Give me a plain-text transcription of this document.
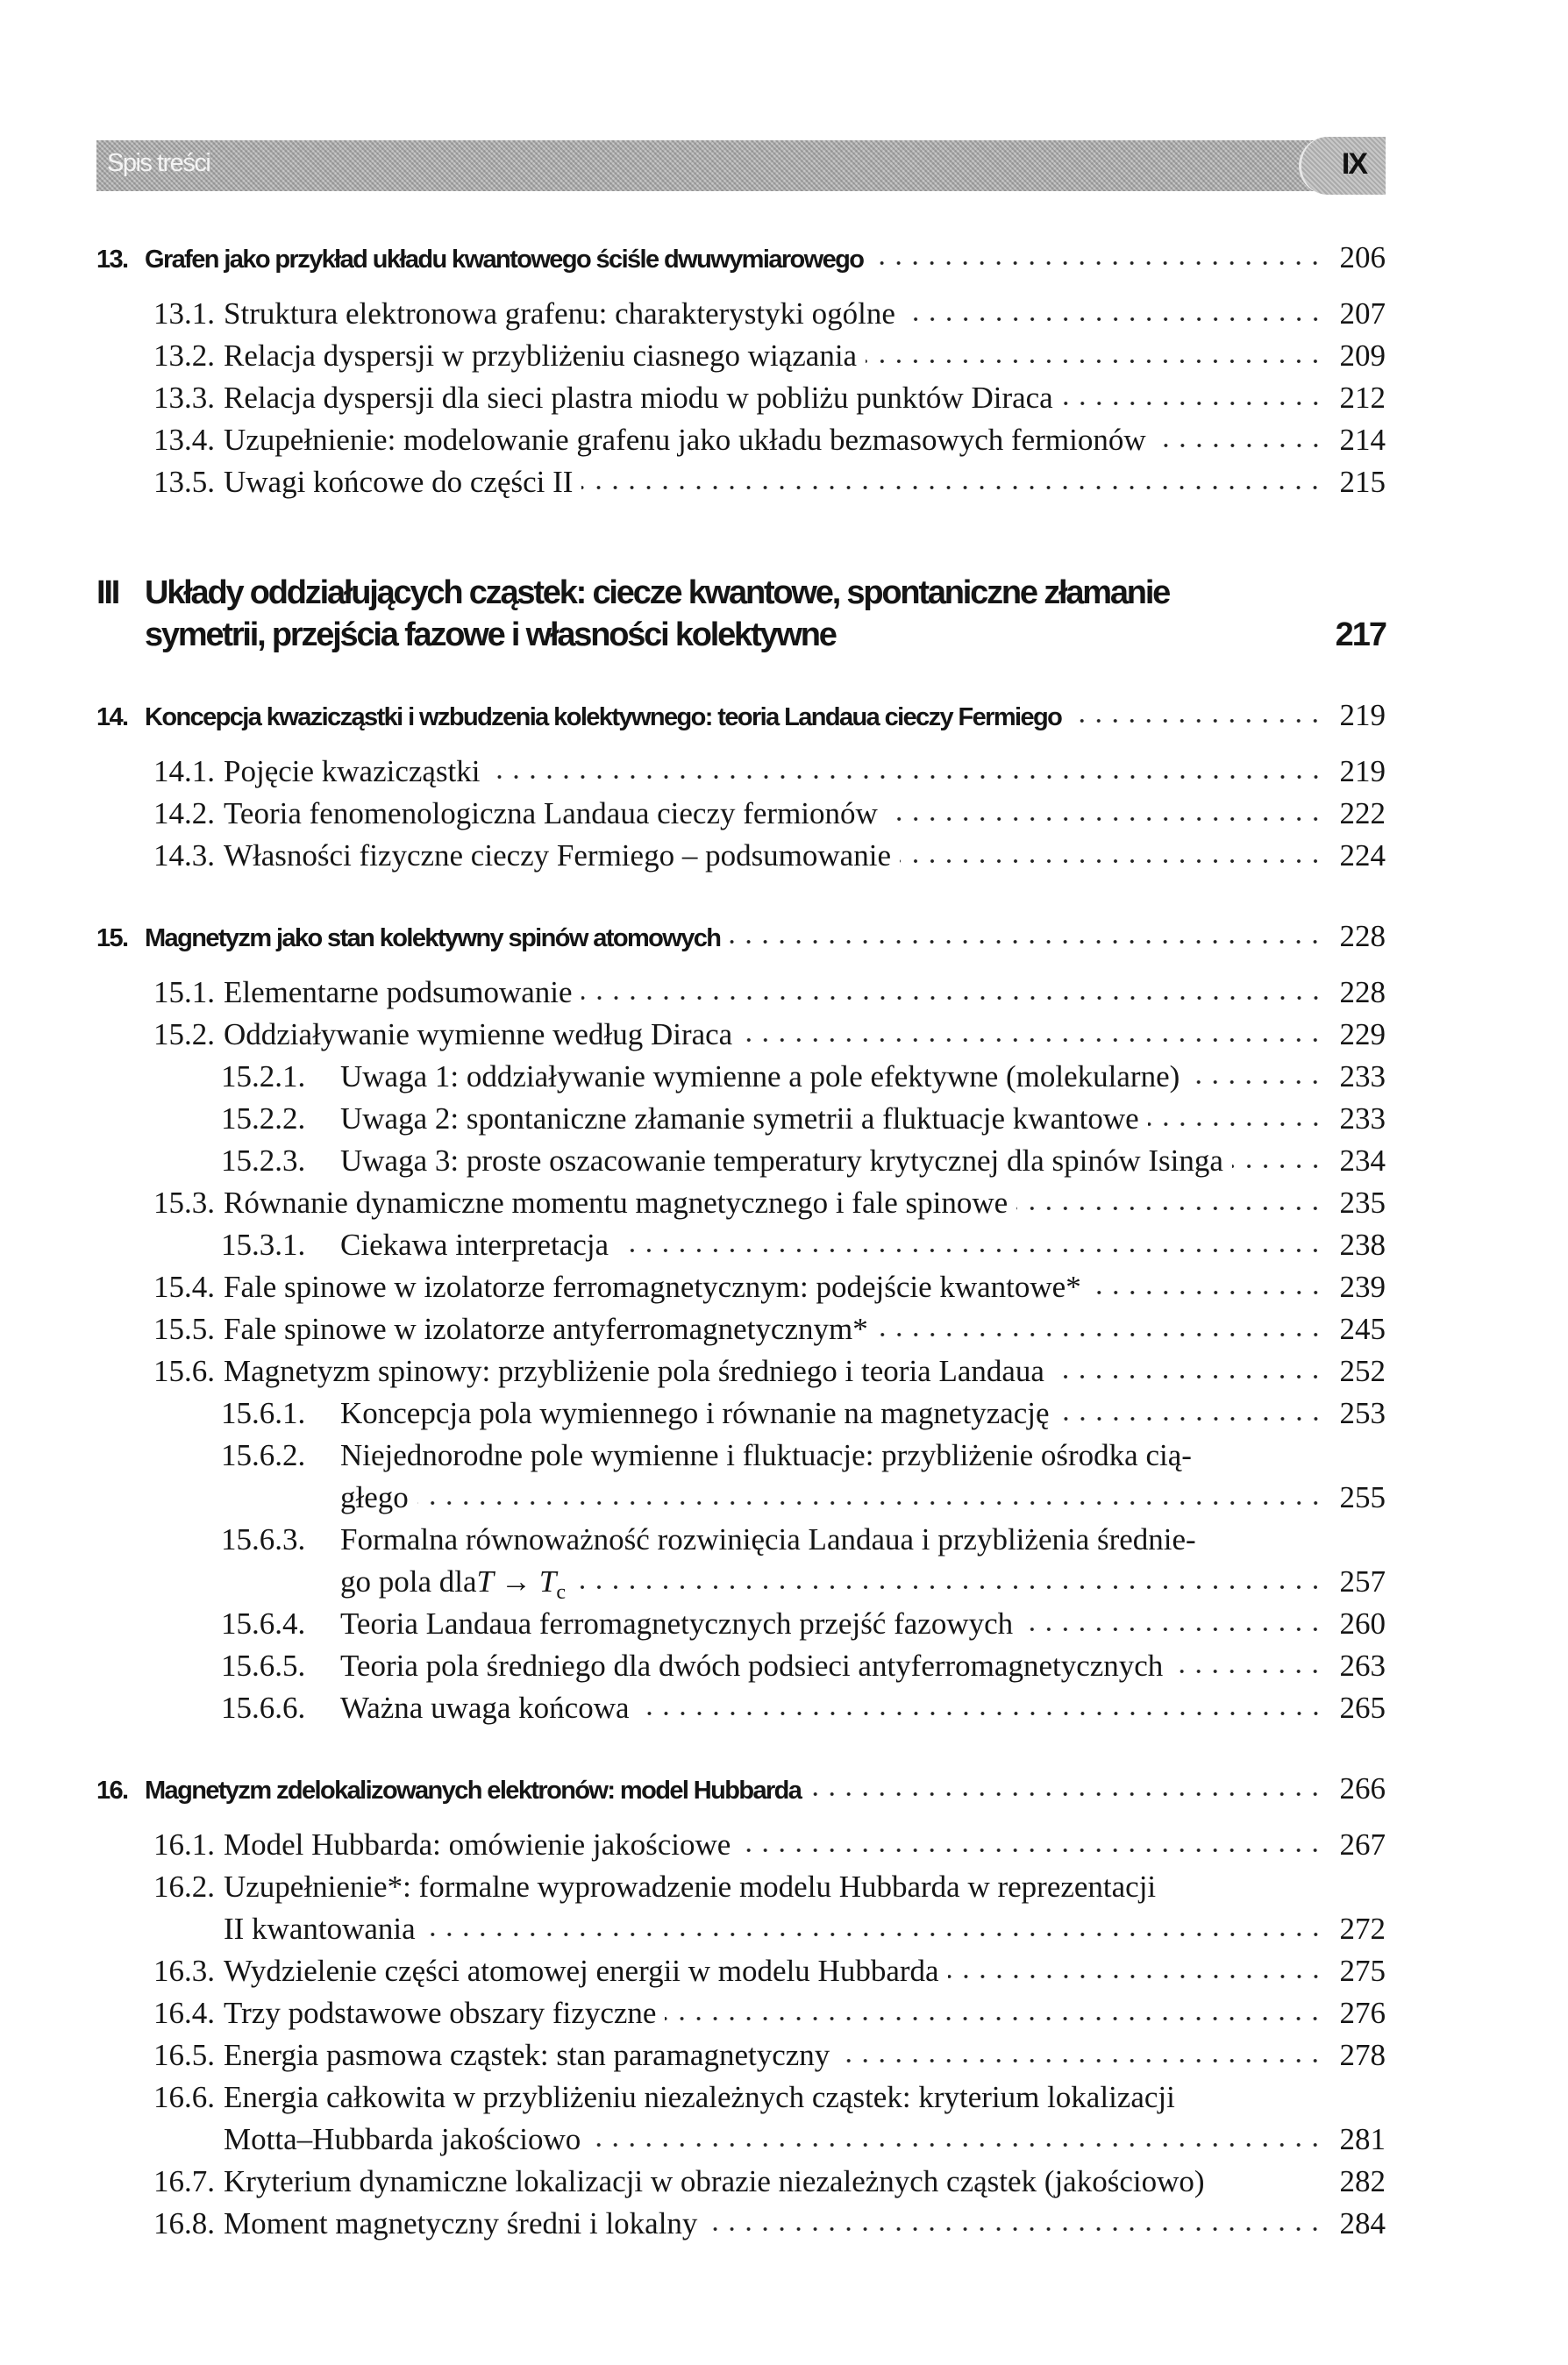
Spis treści	IX
13. Grafen jako przykład układu kwantowego ściśle dwuwymiarowego	206
13.1. Struktura elektronowa grafenu: charakterystyki ogólne	207
13.2. Relacja dyspersji w przybliżeniu ciasnego wiązania	209
13.3. Relacja dyspersji dla sieci plastra miodu w pobliżu punktów Diraca	212
13.4. Uzupełnienie: modelowanie grafenu jako układu bezmasowych fermionów	214
13.5. Uwagi końcowe do części II	215
III Układy oddziałujących cząstek: ciecze kwantowe, spontaniczne złamanie
symetrii, przejścia fazowe i własności kolektywne	217
14. Koncepcja kwazicząstki i wzbudzenia kolektywnego: teoria Landaua cieczy Fermiego	219
14.1. Pojęcie kwazicząstki	219
14.2. Teoria fenomenologiczna Landaua cieczy fermionów	222
14.3. Własności fizyczne cieczy Fermiego – podsumowanie	224
15. Magnetyzm jako stan kolektywny spinów atomowych	228
15.1. Elementarne podsumowanie	228
15.2. Oddziaływanie wymienne według Diraca	229
15.2.1.	Uwaga 1: oddziaływanie wymienne a pole efektywne (molekularne)	233
15.2.2.	Uwaga 2: spontaniczne złamanie symetrii a fluktuacje kwantowe	233
15.2.3.	Uwaga 3: proste oszacowanie temperatury krytycznej dla spinów Isinga	234
15.3. Równanie dynamiczne momentu magnetycznego i fale spinowe	235
15.3.1.	Ciekawa interpretacja	238
15.4. Fale spinowe w izolatorze ferromagnetycznym: podejście kwantowe*	239
15.5. Fale spinowe w izolatorze antyferromagnetycznym*	245
15.6. Magnetyzm spinowy: przybliżenie pola średniego i teoria Landaua	252
15.6.1.	Koncepcja pola wymiennego i równanie na magnetyzację	253
15.6.2.	Niejednorodne pole wymienne i fluktuacje: przybliżenie ośrodka cią-
głego	255
15.6.3.	Formalna równoważność rozwinięcia Landaua i przybliżenia średnie-
go pola dla $T \to T_c$	257
15.6.4.	Teoria Landaua ferromagnetycznych przejść fazowych	260
15.6.5.	Teoria pola średniego dla dwóch podsieci antyferromagnetycznych	263
15.6.6.	Ważna uwaga końcowa	265
16. Magnetyzm zdelokalizowanych elektronów: model Hubbarda	266
16.1. Model Hubbarda: omówienie jakościowe	267
16.2. Uzupełnienie*: formalne wyprowadzenie modelu Hubbarda w reprezentacji
II kwantowania	272
16.3. Wydzielenie części atomowej energii w modelu Hubbarda	275
16.4. Trzy podstawowe obszary fizyczne	276
16.5. Energia pasmowa cząstek: stan paramagnetyczny	278
16.6. Energia całkowita w przybliżeniu niezależnych cząstek: kryterium lokalizacji
Motta–Hubbarda jakościowo	281
16.7. Kryterium dynamiczne lokalizacji w obrazie niezależnych cząstek (jakościowo)	282
16.8. Moment magnetyczny średni i lokalny	284
